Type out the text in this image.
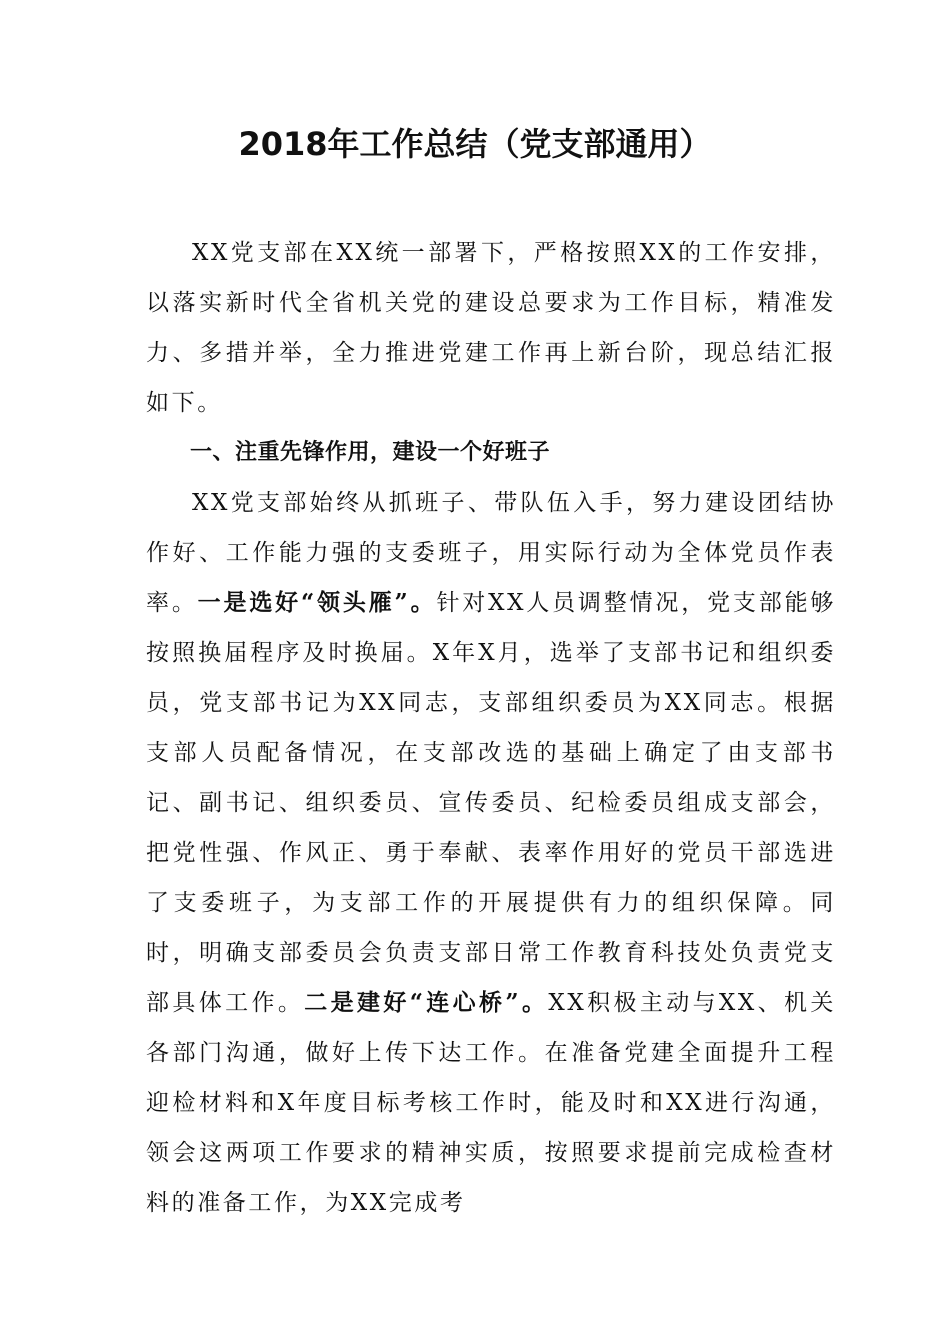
2018年工作总结（党支部通用）

XX党支部在XX统一部署下，严格按照XX的工作安排，以落实新时代全省机关党的建设总要求为工作目标，精准发力、多措并举，全力推进党建工作再上新台阶，现总结汇报如下。

一、注重先锋作用，建设一个好班子

XX党支部始终从抓班子、带队伍入手，努力建设团结协作好、工作能力强的支委班子，用实际行动为全体党员作表率。一是选好“领头雁”。针对XX人员调整情况，党支部能够按照换届程序及时换届。X年X月，选举了支部书记和组织委员，党支部书记为XX同志，支部组织委员为XX同志。根据支部人员配备情况，在支部改选的基础上确定了由支部书记、副书记、组织委员、宣传委员、纪检委员组成支部会，把党性强、作风正、勇于奉献、表率作用好的党员干部选进了支委班子，为支部工作的开展提供有力的组织保障。同时，明确支部委员会负责支部日常工作教育科技处负责党支部具体工作。二是建好“连心桥”。XX积极主动与XX、机关各部门沟通，做好上传下达工作。在准备党建全面提升工程迎检材料和X年度目标考核工作时，能及时和XX进行沟通，领会这两项工作要求的精神实质，按照要求提前完成检查材料的准备工作，为XX完成考
